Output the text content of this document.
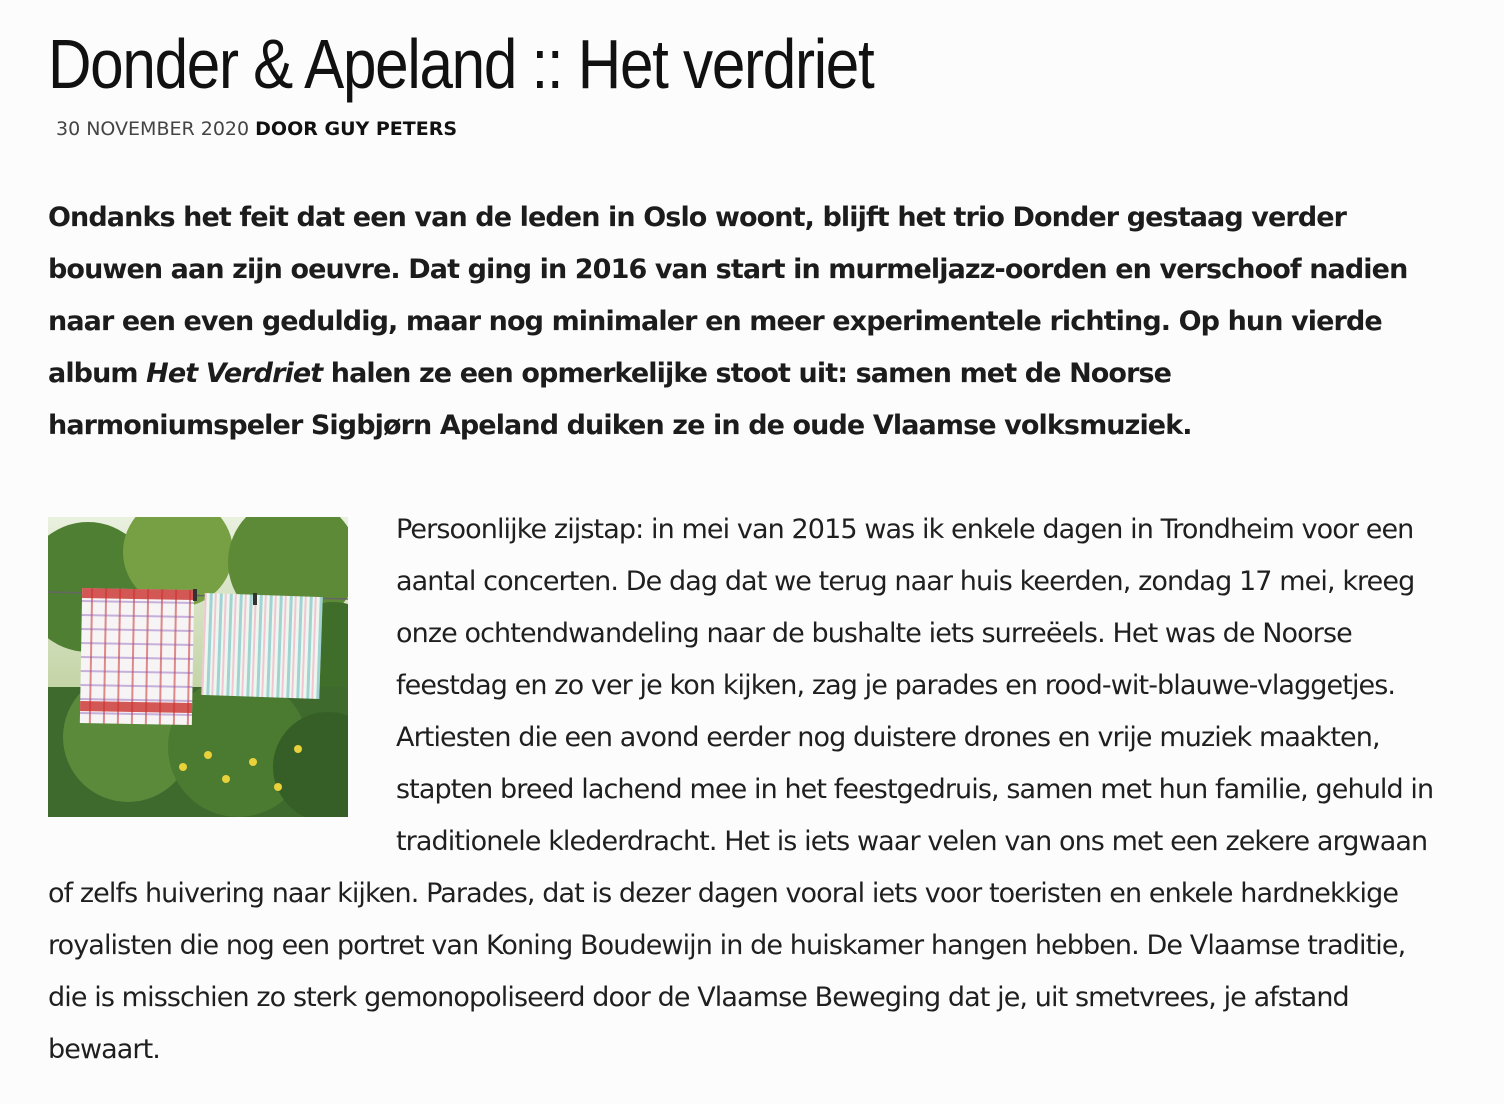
Donder & Apeland :: Het verdriet
30 NOVEMBER 2020 DOOR GUY PETERS

Ondanks het feit dat een van de leden in Oslo woont, blijft het trio Donder gestaag verder bouwen aan zijn oeuvre. Dat ging in 2016 van start in murmeljazz-oorden en verschoof nadien naar een even geduldig, maar nog minimaler en meer experimentele richting. Op hun vierde album Het Verdriet halen ze een opmerkelijke stoot uit: samen met de Noorse harmoniumspeler Sigbjørn Apeland duiken ze in de oude Vlaamse volksmuziek.

Persoonlijke zijstap: in mei van 2015 was ik enkele dagen in Trondheim voor een aantal concerten. De dag dat we terug naar huis keerden, zondag 17 mei, kreeg onze ochtendwandeling naar de bushalte iets surreëels. Het was de Noorse feestdag en zo ver je kon kijken, zag je parades en rood-wit-blauwe-vlaggetjes. Artiesten die een avond eerder nog duistere drones en vrije muziek maakten, stapten breed lachend mee in het feestgedruis, samen met hun familie, gehuld in traditionele klederdracht. Het is iets waar velen van ons met een zekere argwaan of zelfs huivering naar kijken. Parades, dat is dezer dagen vooral iets voor toeristen en enkele hardnekkige royalisten die nog een portret van Koning Boudewijn in de huiskamer hangen hebben. De Vlaamse traditie, die is misschien zo sterk gemonopoliseerd door de Vlaamse Beweging dat je, uit smetvrees, je afstand bewaart.
